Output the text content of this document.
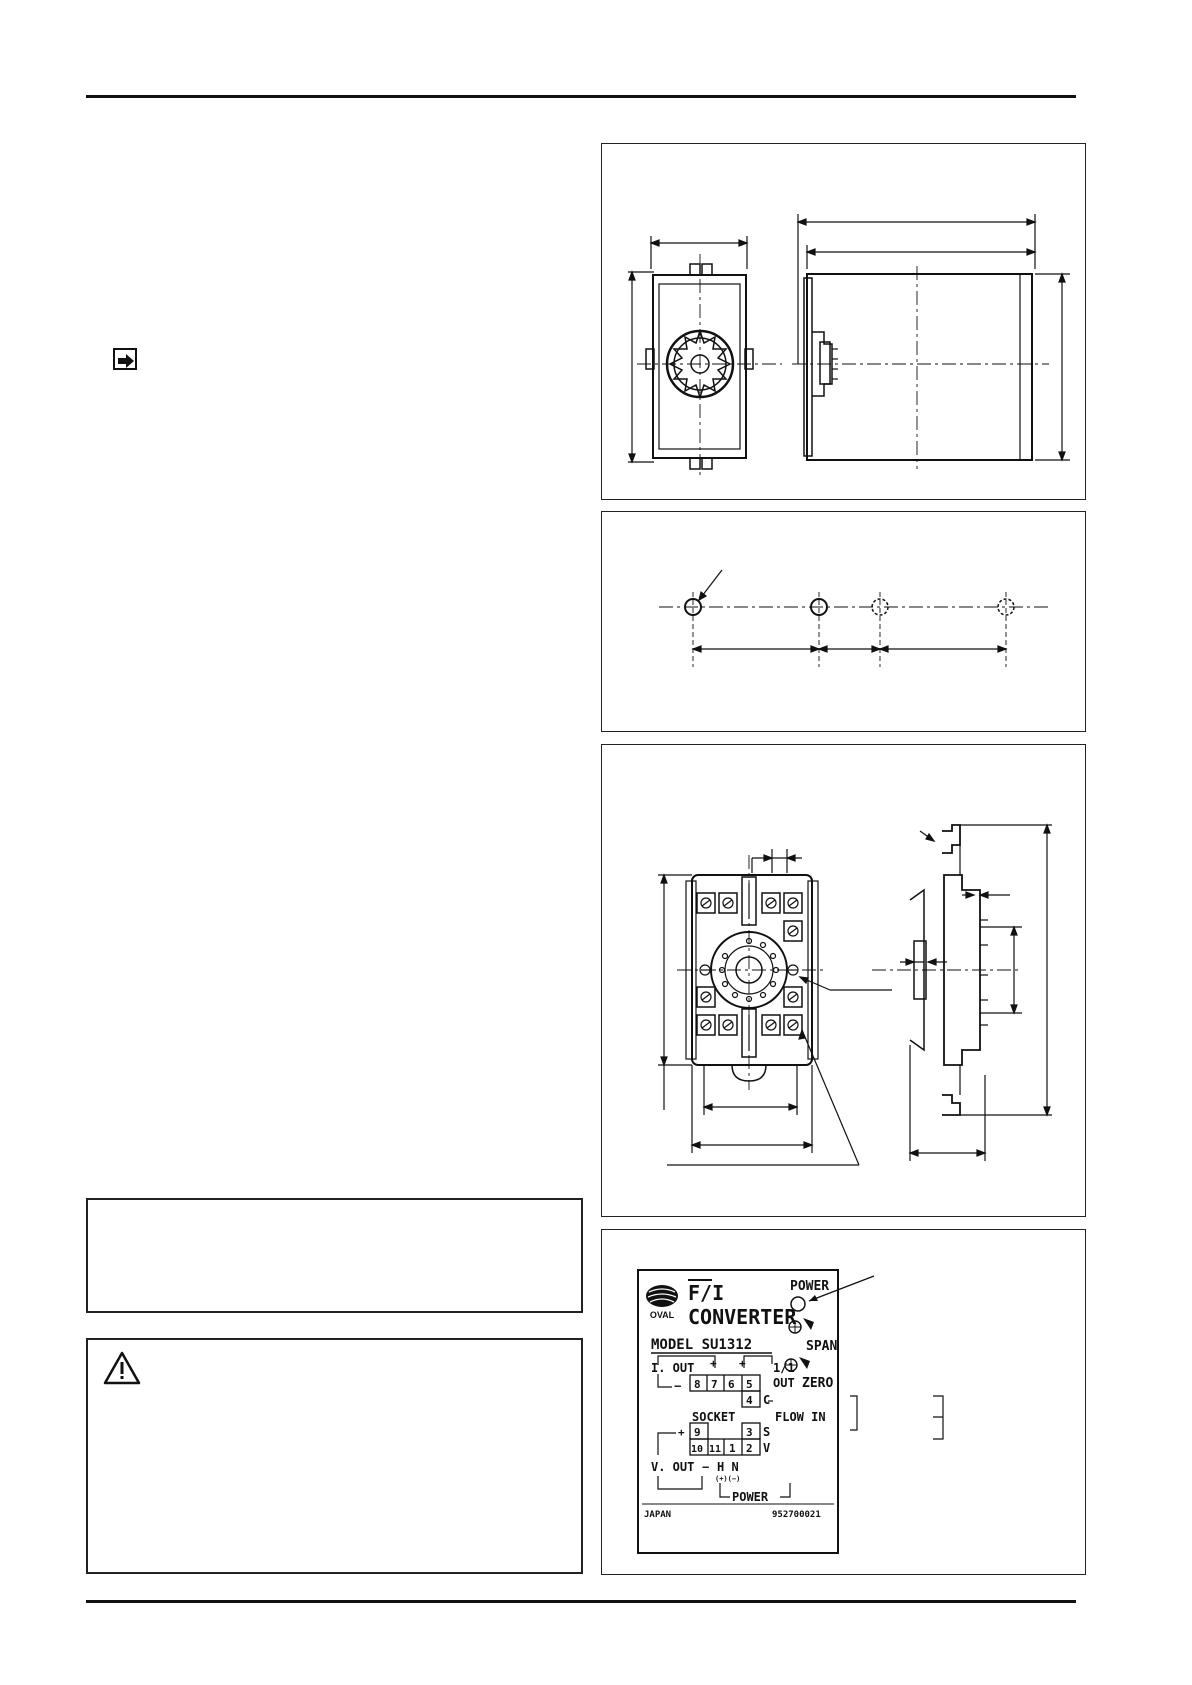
OVAL
F/I
CONVERTER
MODEL SU1312
POWER
SPAN
ZERO
I. OUT + +
−
1/1
OUT
8 7 6 5
4 C
SOCKET	FLOW IN
9	3 S
10 11 1 2 V
+
V. OUT − H N
(+)(−)
POWER
JAPAN	952700021
